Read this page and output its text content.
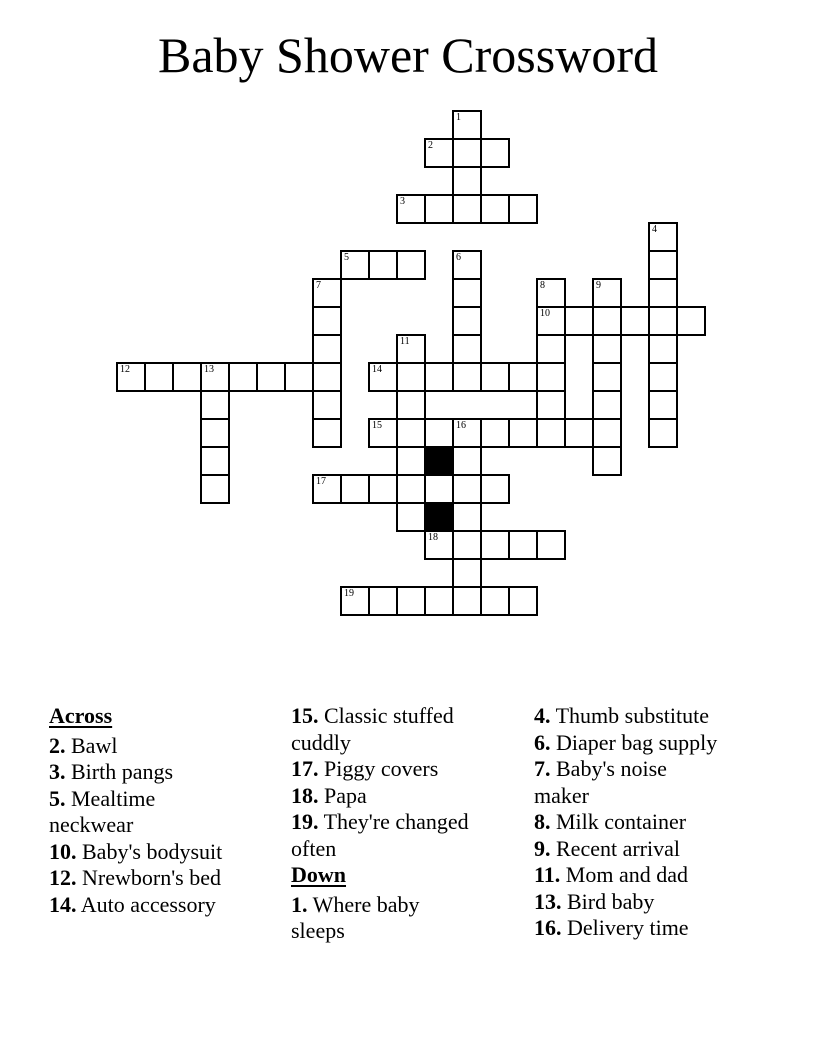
Baby Shower Crossword
1
2
3
4
5	6
7	8	9
10
11
12	13	14
15	16
17
18
19
Across
2. Bawl
3. Birth pangs
5. Mealtime neckwear
10. Baby's bodysuit
12. Nrewborn's bed
14. Auto accessory
15. Classic stuffed cuddly
17. Piggy covers
18. Papa
19. They're changed often
Down
1. Where baby sleeps
4. Thumb substitute
6. Diaper bag supply
7. Baby's noise maker
8. Milk container
9. Recent arrival
11. Mom and dad
13. Bird baby
16. Delivery time
